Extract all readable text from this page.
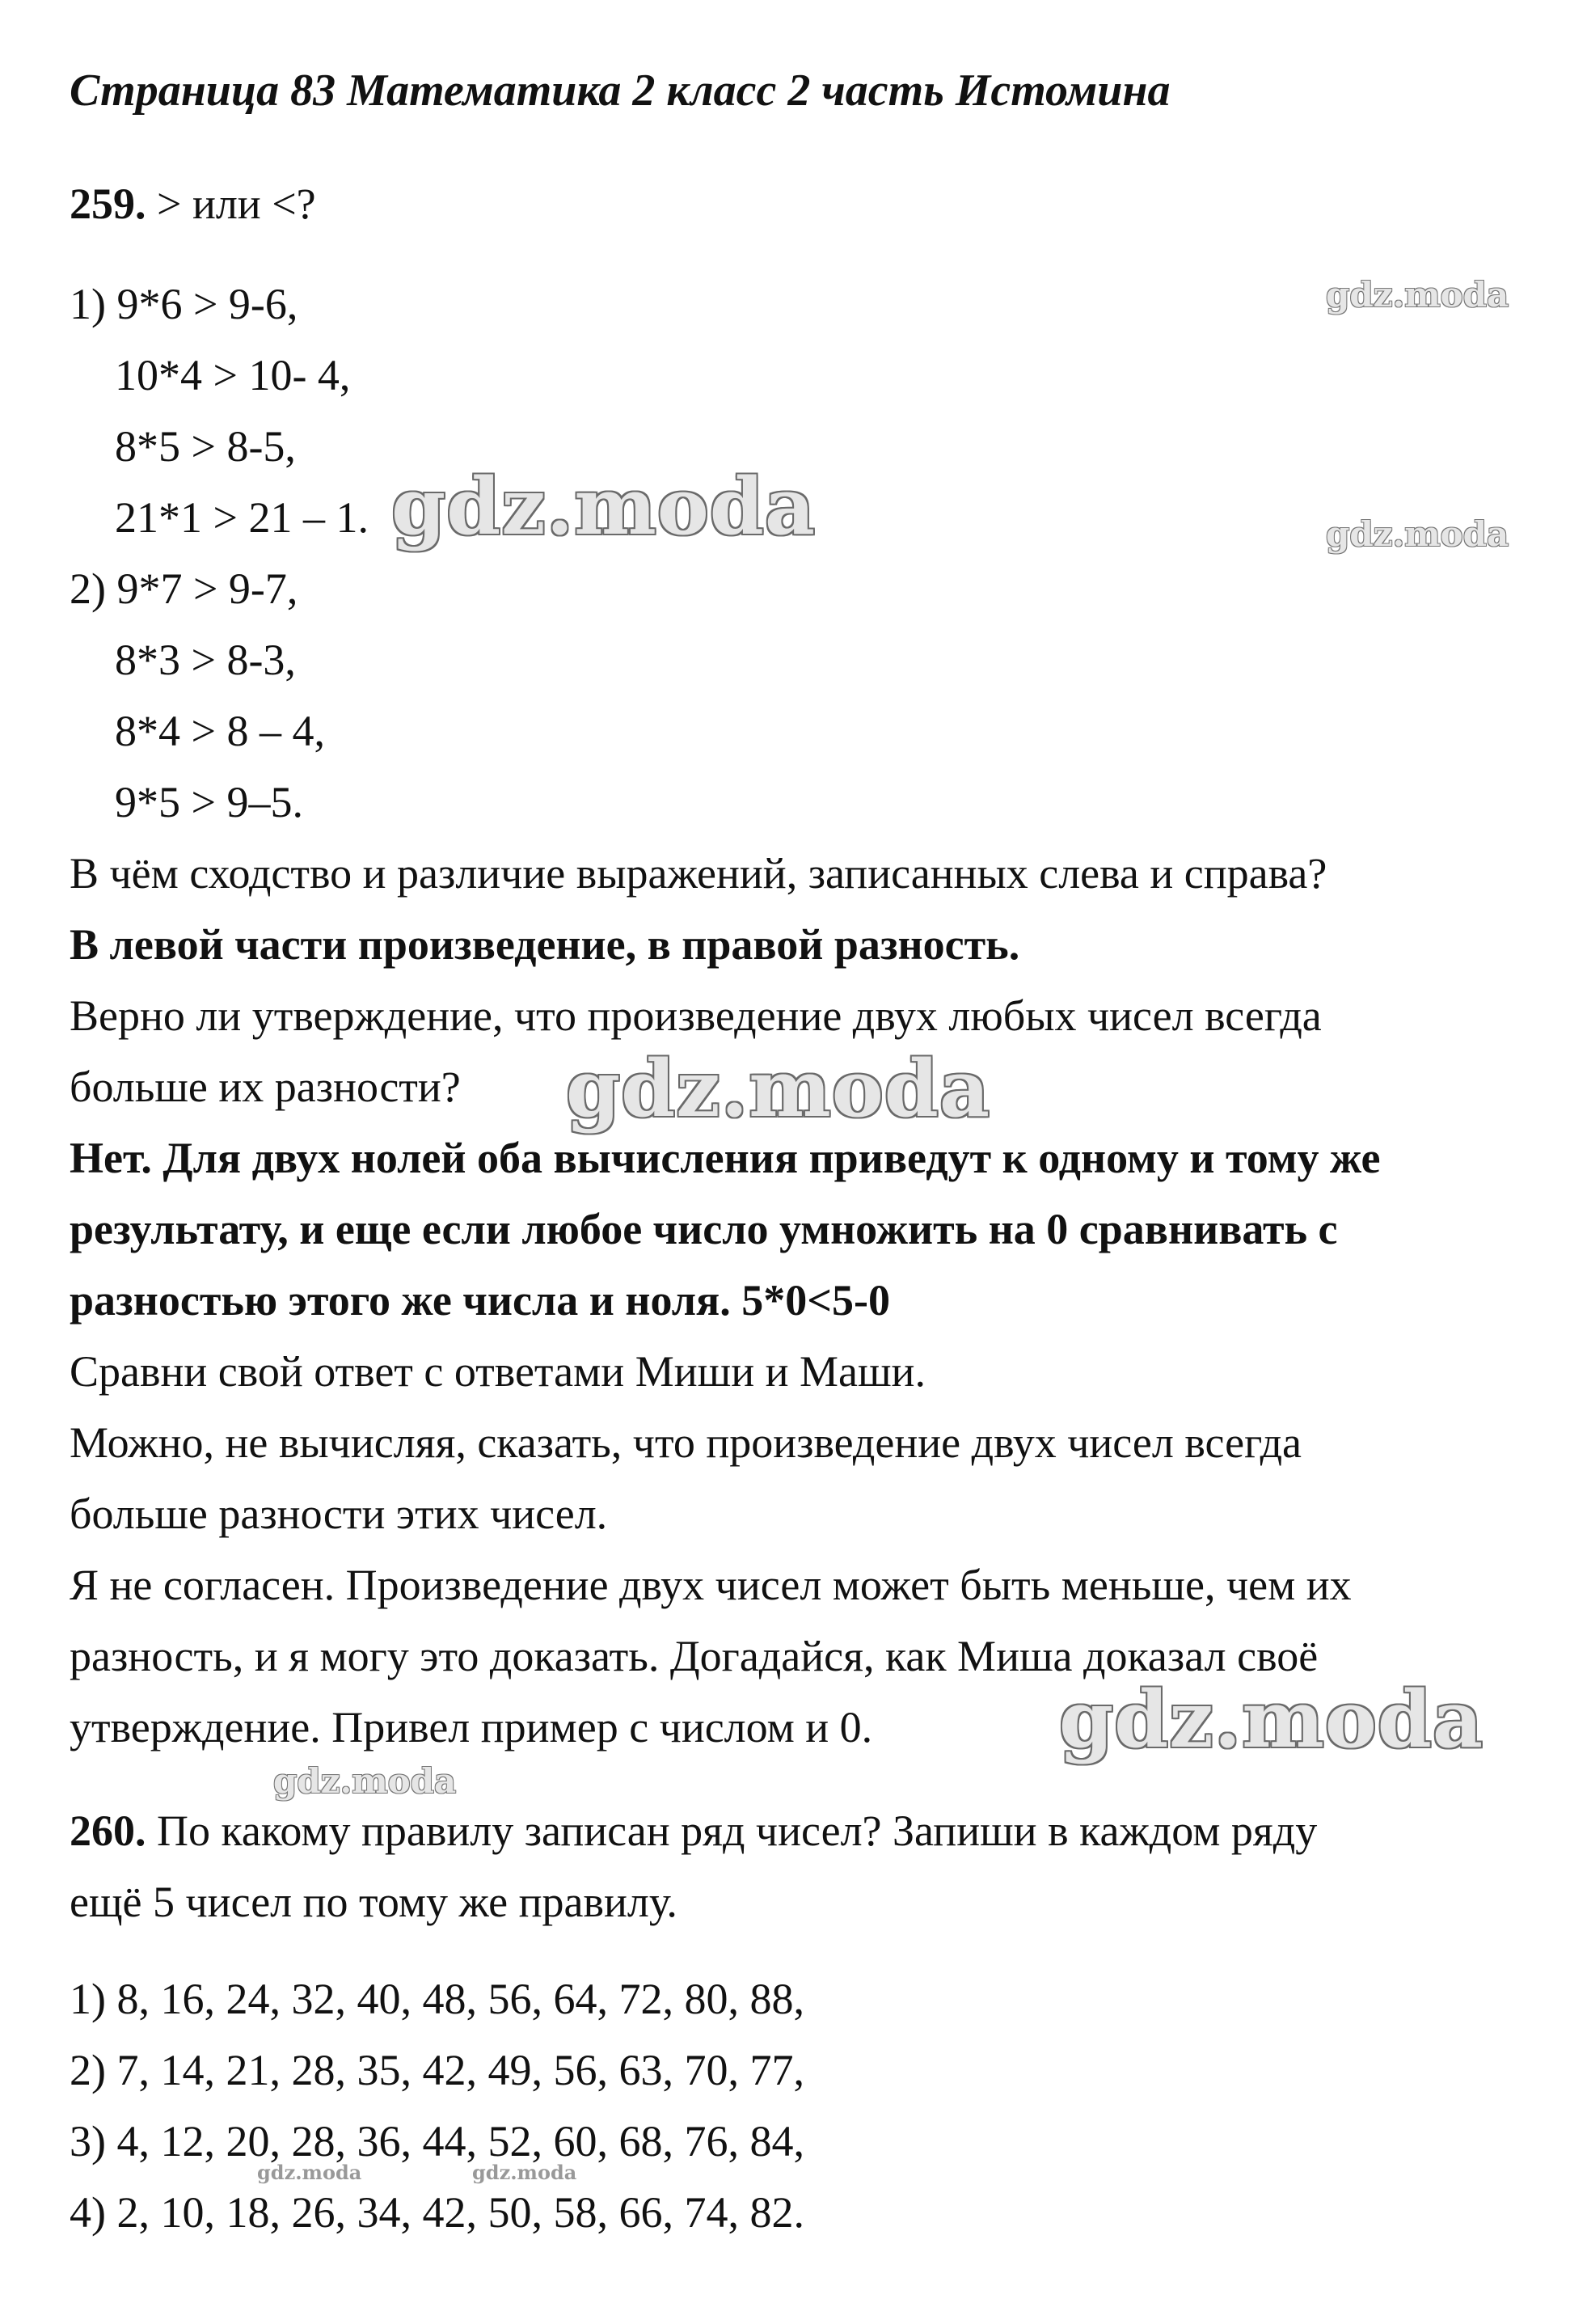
Страница 83 Математика 2 класс 2 часть Истомина
259. > или <?
1) 9*6 > 9-6,
10*4 > 10- 4,
8*5 > 8-5,
21*1 > 21 – 1.
2) 9*7 > 9-7,
8*3 > 8-3,
8*4 > 8 – 4,
9*5 > 9–5.
В чём сходство и различие выражений, записанных слева и справа?
В левой части произведение, в правой разность.
Верно ли утверждение, что произведение двух любых чисел всегда
больше их разности?
Нет. Для двух нолей оба вычисления приведут к одному и тому же
результату, и еще если любое число умножить на 0 сравнивать с
разностью этого же числа и ноля. 5*0<5-0
Сравни свой ответ с ответами Миши и Маши.
Можно, не вычисляя, сказать, что произведение двух чисел всегда
больше разности этих чисел.
Я не согласен. Произведение двух чисел может быть меньше, чем их
разность, и я могу это доказать. Догадайся, как Миша доказал своё
утверждение. Привел пример с числом и 0.
260. По какому правилу записан ряд чисел? Запиши в каждом ряду
ещё 5 чисел по тому же правилу.
1) 8, 16, 24, 32, 40, 48, 56, 64, 72, 80, 88,
2) 7, 14, 21, 28, 35, 42, 49, 56, 63, 70, 77,
3) 4, 12, 20, 28, 36, 44, 52, 60, 68, 76, 84,
4) 2, 10, 18, 26, 34, 42, 50, 58, 66, 74, 82.
gdz.moda
gdz.moda
gdz.moda
gdz.moda
gdz.moda
gdz.moda
gdz.moda	gdz.moda
